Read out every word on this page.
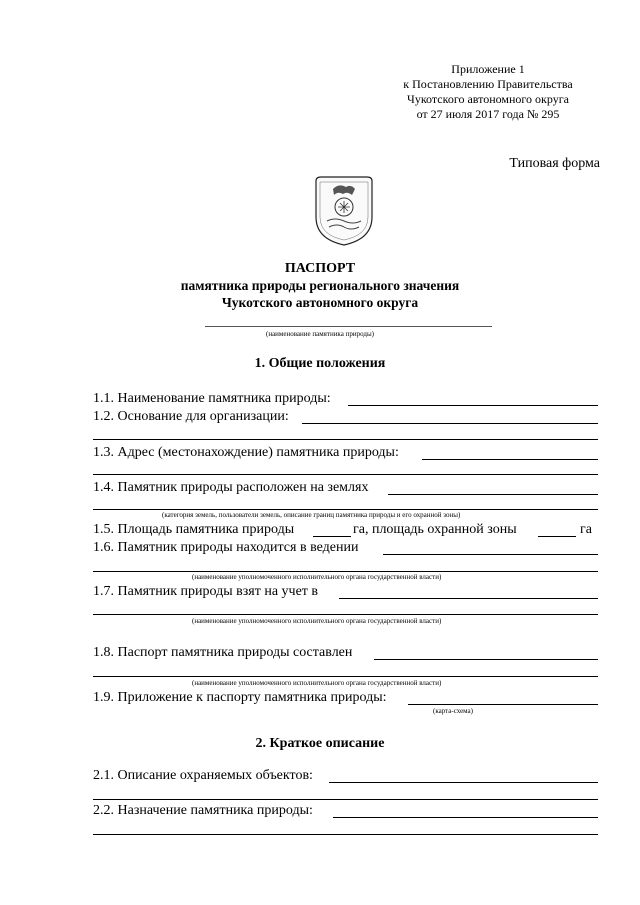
Приложение 1
к Постановлению Правительства
Чукотского автономного округа
от 27 июля 2017 года № 295
Типовая форма
ПАСПОРТ
памятника природы регионального значения
Чукотского автономного округа
(наименование памятника природы)
1. Общие положения
1.1. Наименование памятника природы:
1.2. Основание для организации:
1.3. Адрес (местонахождение) памятника природы:
1.4. Памятник природы расположен на землях
(категория земель, пользователи земель, описание границ памятника природы и его охранной зоны)
1.5. Площадь памятника природы	га, площадь охранной зоны	га
1.6. Памятник природы находится в ведении
(наименование уполномоченного исполнительного органа государственной власти)
1.7. Памятник природы взят на учет в
(наименование уполномоченного исполнительного органа государственной власти)
1.8. Паспорт памятника природы составлен
(наименование уполномоченного исполнительного органа государственной власти)
1.9. Приложение к паспорту памятника природы:
(карта-схема)
2. Краткое описание
2.1. Описание охраняемых объектов:
2.2. Назначение памятника природы:
